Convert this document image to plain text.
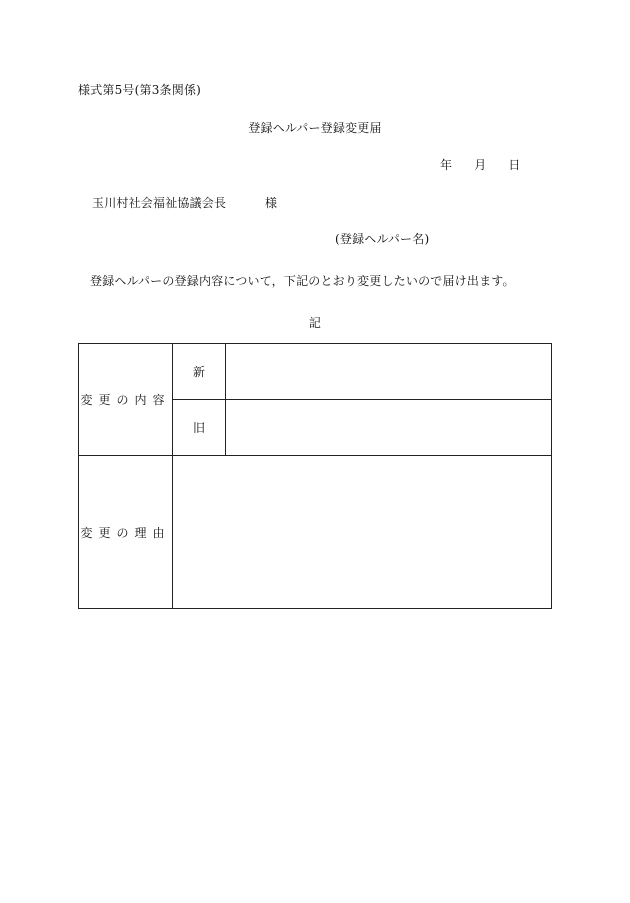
様式第5号(第3条関係)
登録ヘルパー登録変更届
年 月 日
玉川村社会福祉協議会長	様
(登録ヘルパー名)
登録ヘルパーの登録内容について，下記のとおり変更したいので届け出ます。
記
変更の内容	新	
	旧	
変更の理由		
